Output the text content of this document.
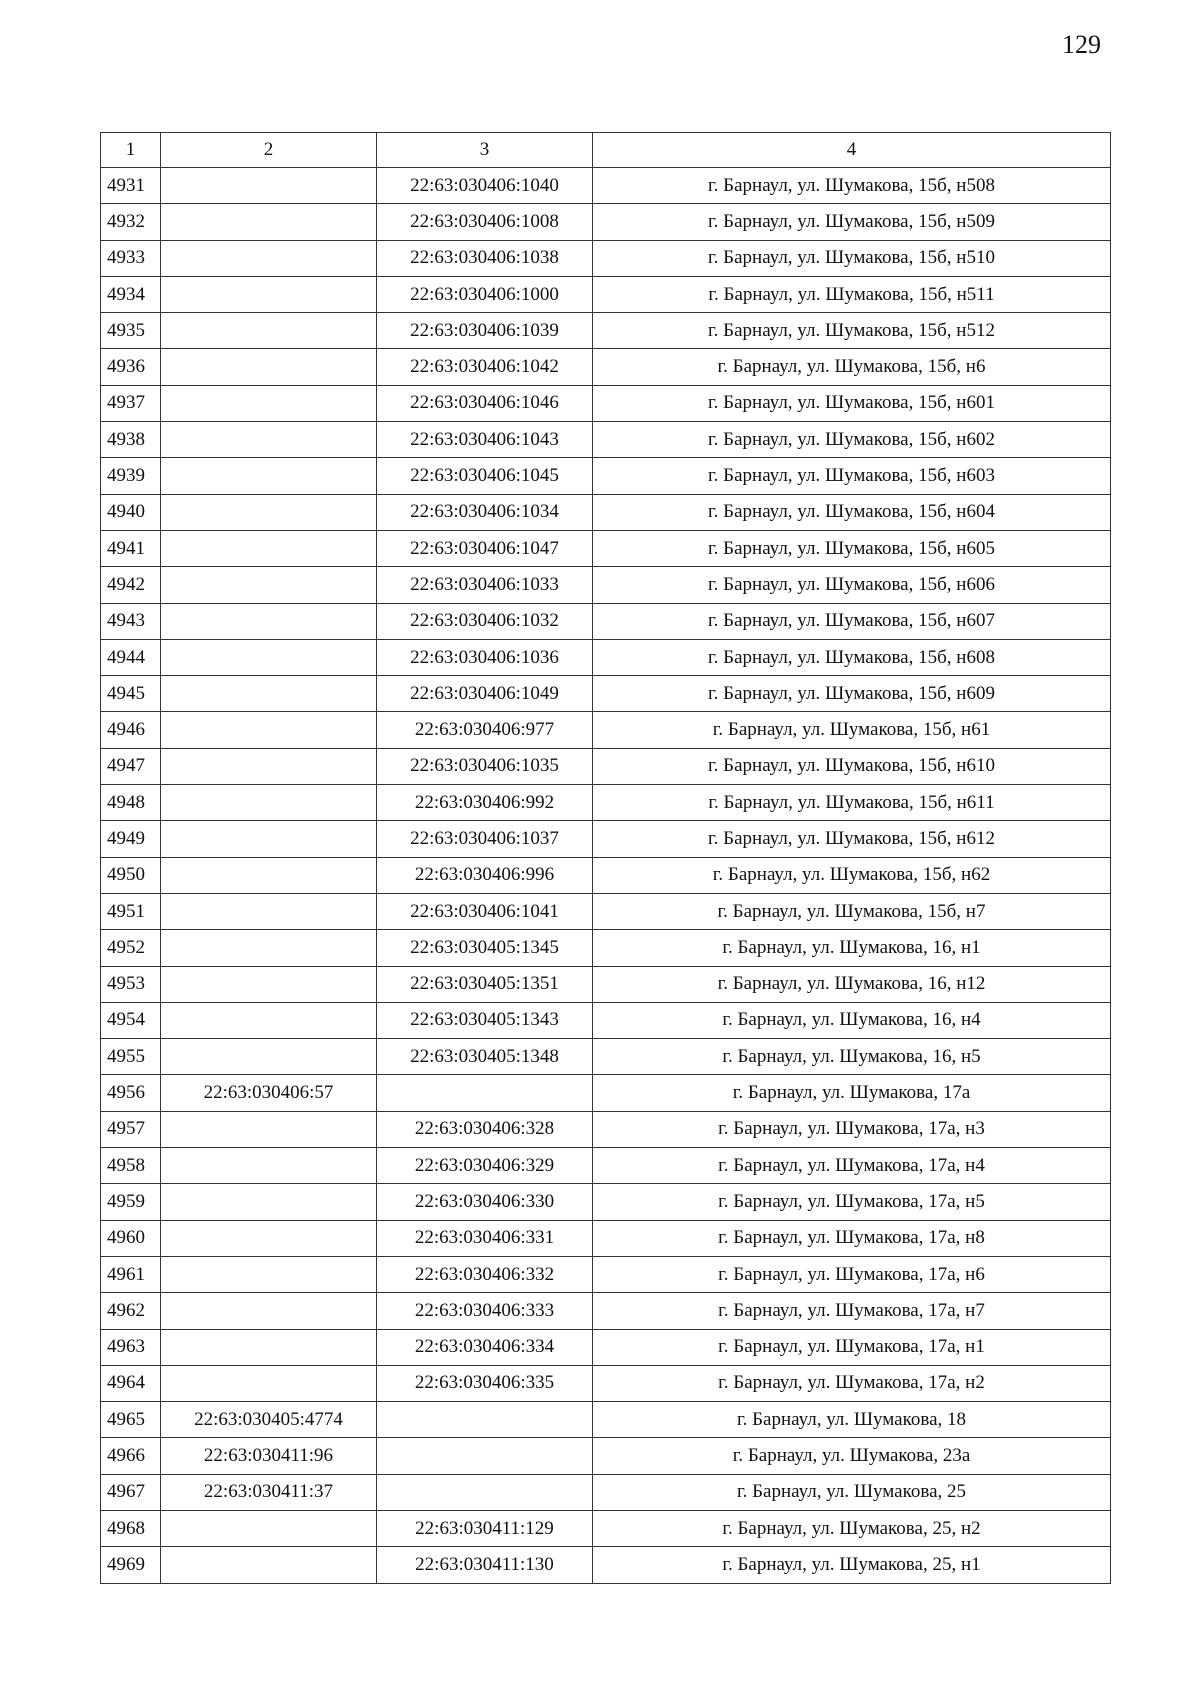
129
1	2	3	4
4931		22:63:030406:1040	г. Барнаул, ул. Шумакова, 15б, н508
4932		22:63:030406:1008	г. Барнаул, ул. Шумакова, 15б, н509
4933		22:63:030406:1038	г. Барнаул, ул. Шумакова, 15б, н510
4934		22:63:030406:1000	г. Барнаул, ул. Шумакова, 15б, н511
4935		22:63:030406:1039	г. Барнаул, ул. Шумакова, 15б, н512
4936		22:63:030406:1042	г. Барнаул, ул. Шумакова, 15б, н6
4937		22:63:030406:1046	г. Барнаул, ул. Шумакова, 15б, н601
4938		22:63:030406:1043	г. Барнаул, ул. Шумакова, 15б, н602
4939		22:63:030406:1045	г. Барнаул, ул. Шумакова, 15б, н603
4940		22:63:030406:1034	г. Барнаул, ул. Шумакова, 15б, н604
4941		22:63:030406:1047	г. Барнаул, ул. Шумакова, 15б, н605
4942		22:63:030406:1033	г. Барнаул, ул. Шумакова, 15б, н606
4943		22:63:030406:1032	г. Барнаул, ул. Шумакова, 15б, н607
4944		22:63:030406:1036	г. Барнаул, ул. Шумакова, 15б, н608
4945		22:63:030406:1049	г. Барнаул, ул. Шумакова, 15б, н609
4946		22:63:030406:977	г. Барнаул, ул. Шумакова, 15б, н61
4947		22:63:030406:1035	г. Барнаул, ул. Шумакова, 15б, н610
4948		22:63:030406:992	г. Барнаул, ул. Шумакова, 15б, н611
4949		22:63:030406:1037	г. Барнаул, ул. Шумакова, 15б, н612
4950		22:63:030406:996	г. Барнаул, ул. Шумакова, 15б, н62
4951		22:63:030406:1041	г. Барнаул, ул. Шумакова, 15б, н7
4952		22:63:030405:1345	г. Барнаул, ул. Шумакова, 16, н1
4953		22:63:030405:1351	г. Барнаул, ул. Шумакова, 16, н12
4954		22:63:030405:1343	г. Барнаул, ул. Шумакова, 16, н4
4955		22:63:030405:1348	г. Барнаул, ул. Шумакова, 16, н5
4956	22:63:030406:57		г. Барнаул, ул. Шумакова, 17а
4957		22:63:030406:328	г. Барнаул, ул. Шумакова, 17а, н3
4958		22:63:030406:329	г. Барнаул, ул. Шумакова, 17а, н4
4959		22:63:030406:330	г. Барнаул, ул. Шумакова, 17а, н5
4960		22:63:030406:331	г. Барнаул, ул. Шумакова, 17а, н8
4961		22:63:030406:332	г. Барнаул, ул. Шумакова, 17а, н6
4962		22:63:030406:333	г. Барнаул, ул. Шумакова, 17а, н7
4963		22:63:030406:334	г. Барнаул, ул. Шумакова, 17а, н1
4964		22:63:030406:335	г. Барнаул, ул. Шумакова, 17а, н2
4965	22:63:030405:4774		г. Барнаул, ул. Шумакова, 18
4966	22:63:030411:96		г. Барнаул, ул. Шумакова, 23а
4967	22:63:030411:37		г. Барнаул, ул. Шумакова, 25
4968		22:63:030411:129	г. Барнаул, ул. Шумакова, 25, н2
4969		22:63:030411:130	г. Барнаул, ул. Шумакова, 25, н1
